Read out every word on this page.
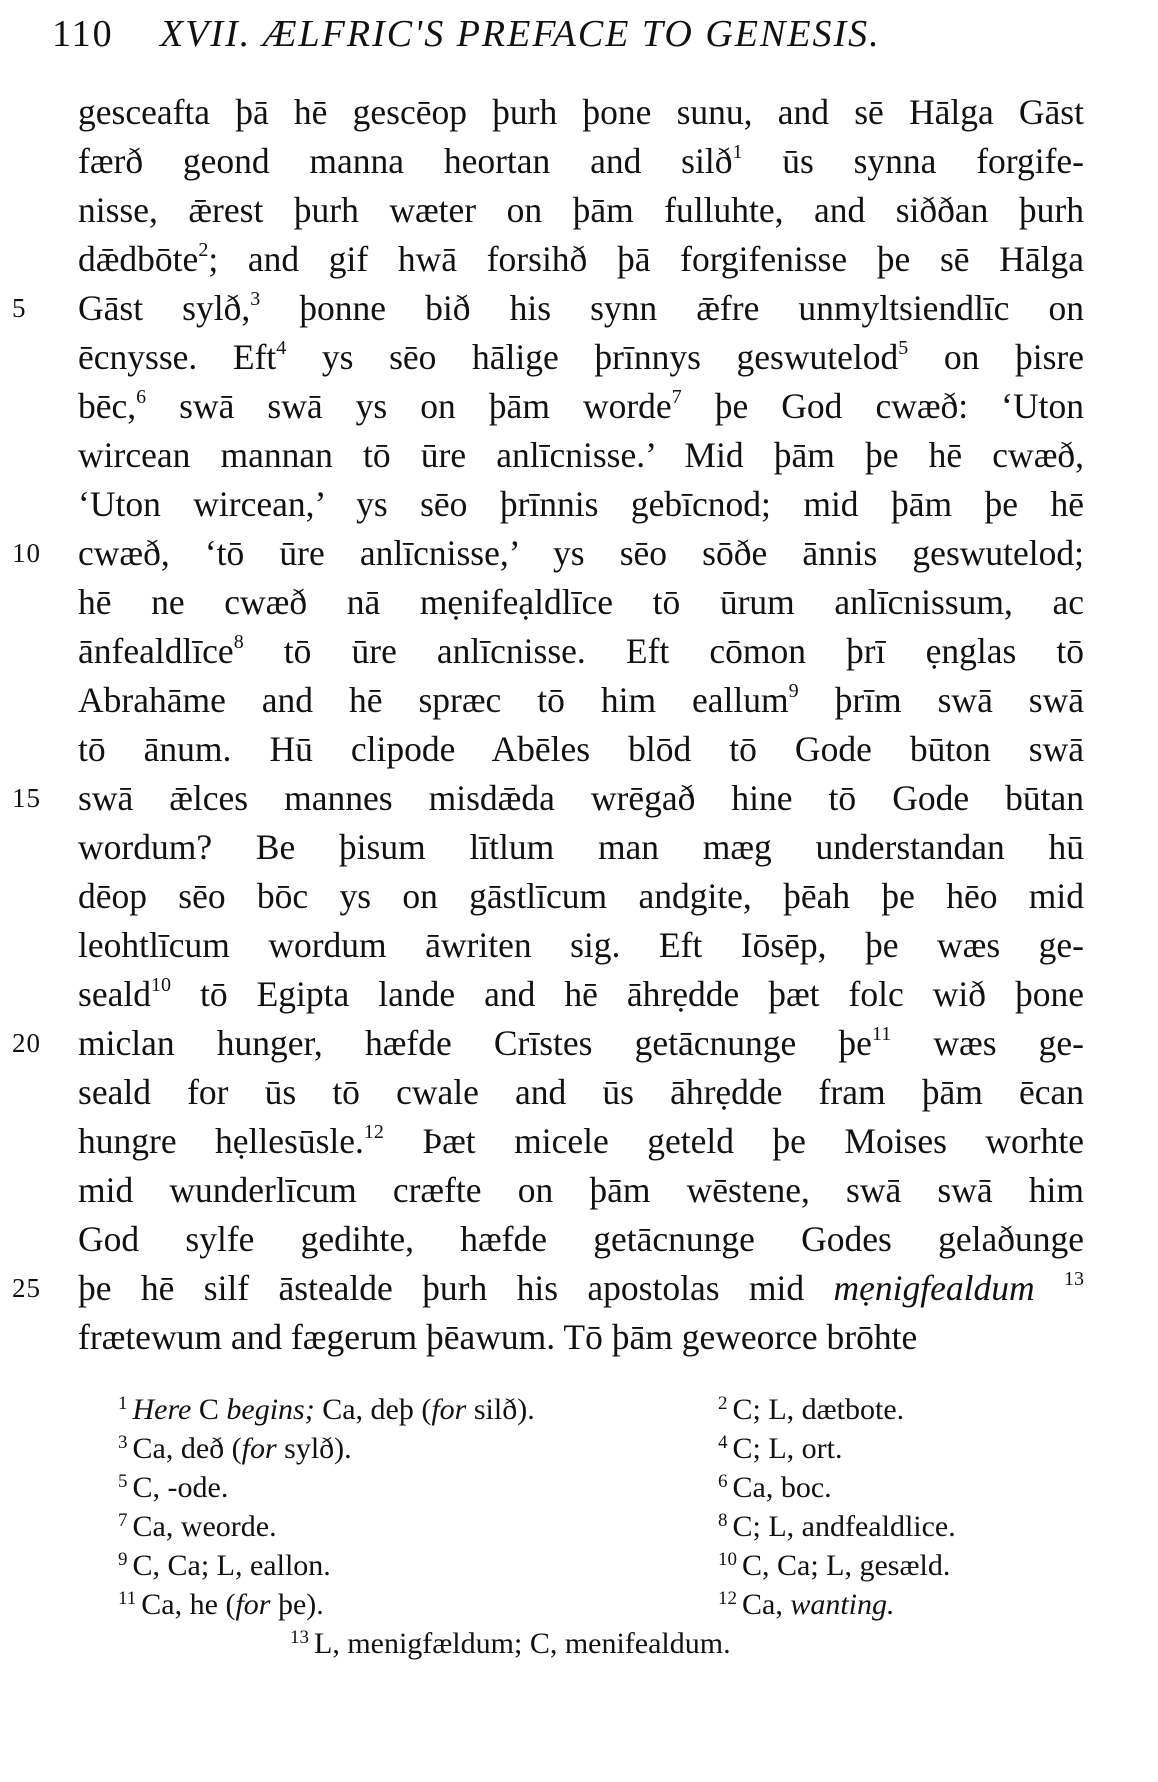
110 XVII. ÆLFRIC'S PREFACE TO GENESIS.
gesceafta þā hē gescēop þurh þone sunu, and sē Hālga Gāst
færð geond manna heortan and silð$^1$ ūs synna forgife-
nisse, ǣrest þurh wæter on þām fulluhte, and siððan þurh
dǣdbōte$^2$; and gif hwā forsihð þā forgifenisse þe sē Hālga
5	Gāst sylð,$^3$ þonne bið his synn ǣfre unmyltsiendlīc on
ēcnysse. Eft$^4$ ys sēo hālige þrīnnys geswutelod$^5$ on þisre
bēc,$^6$ swā swā ys on þām worde$^7$ þe God cwæð: ‘Uton
wircean mannan tō ūre anlīcnisse.’ Mid þām þe hē cwæð,
‘Uton wircean,’ ys sēo þrīnnis gebīcnod; mid þām þe hē
10	cwæð, ‘tō ūre anlīcnisse,’ ys sēo sōðe ānnis geswutelod;
hē ne cwæð nā mẹnifeạldlīce tō ūrum anlīcnissum, ac
ānfealdlīce$^8$ tō ūre anlīcnisse. Eft cōmon þrī ẹnglas tō
Abrahāme and hē spræc tō him eallum$^9$ þrīm swā swā
tō ānum. Hū clipode Abēles blōd tō Gode būton swā
15	swā ǣlces mannes misdǣda wrēgað hine tō Gode būtan
wordum? Be þisum lītlum man mæg understandan hū
dēop sēo bōc ys on gāstlīcum andgite, þēah þe hēo mid
leohtlīcum wordum āwriten sig. Eft Iōsēp, þe wæs ge-
seald$^{10}$ tō Egipta lande and hē āhrẹdde þæt folc wið þone
20	miclan hunger, hæfde Crīstes getācnunge $þe^{11}$ wæs ge-
seald for ūs tō cwale and ūs āhrẹdde fram þām ēcan
hungre hẹllesūsle.$^{12}$ Þæt micele geteld þe Moises worhte
mid wunderlīcum cræfte on þām wēstene, swā swā him
God sylfe gedihte, hæfde getācnunge Godes gelaðunge
25	þe hē silf āstealde þurh his apostolas mid mẹnigfealdum $^{13}$
frætewum and fægerum þēawum. Tō þām geweorce brōhte
$^1$ Here C begins; Ca, deþ (for silð).	$^2$ C; L, dætbote.
$^3$ Ca, deð (for sylð).	$^4$ C; L, ort.
$^5$ C, -ode.	$^6$ Ca, boc.
$^7$ Ca, weorde.	$^8$ C; L, andfealdlice.
$^9$ C, Ca; L, eallon.	$^{10}$ C, Ca; L, gesæld.
$^{11}$ Ca, he (for þe).	$^{12}$ Ca, wanting.
$^{13}$ L, menigfældum; C, menifealdum.
